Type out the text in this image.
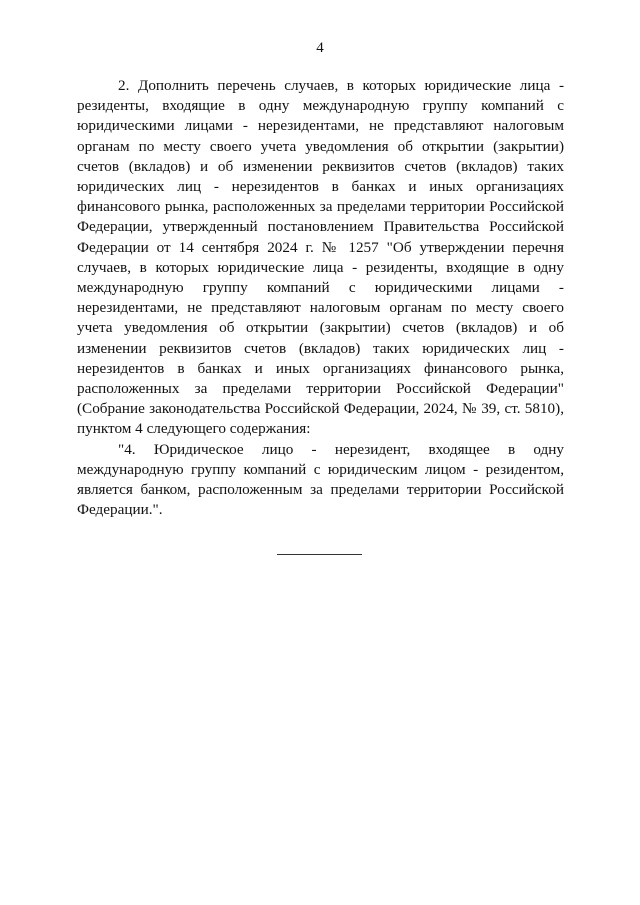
4

2. Дополнить перечень случаев, в которых юридические лица - резиденты, входящие в одну международную группу компаний с юридическими лицами - нерезидентами, не представляют налоговым органам по месту своего учета уведомления об открытии (закрытии) счетов (вкладов) и об изменении реквизитов счетов (вкладов) таких юридических лиц - нерезидентов в банках и иных организациях финансового рынка, расположенных за пределами территории Российской Федерации, утвержденный постановлением Правительства Российской Федерации от 14 сентября 2024 г. № 1257 "Об утверждении перечня случаев, в которых юридические лица - резиденты, входящие в одну международную группу компаний с юридическими лицами - нерезидентами, не представляют налоговым органам по месту своего учета уведомления об открытии (закрытии) счетов (вкладов) и об изменении реквизитов счетов (вкладов) таких юридических лиц - нерезидентов в банках и иных организациях финансового рынка, расположенных за пределами территории Российской Федерации" (Собрание законодательства Российской Федерации, 2024, № 39, ст. 5810), пунктом 4 следующего содержания:

"4. Юридическое лицо - нерезидент, входящее в одну международную группу компаний с юридическим лицом - резидентом, является банком, расположенным за пределами территории Российской Федерации.".
